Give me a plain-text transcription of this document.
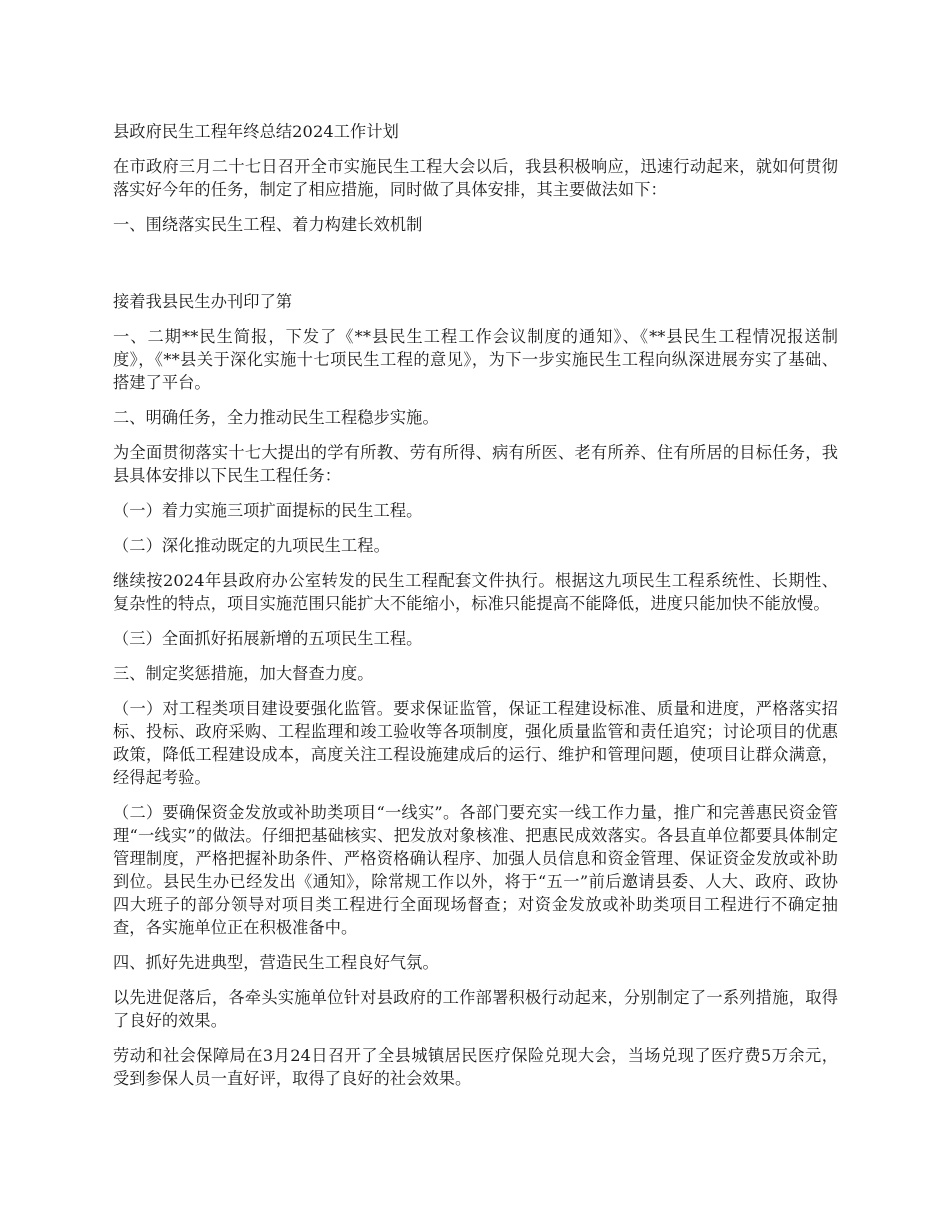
县政府民生工程年终总结2024工作计划

在市政府三月二十七日召开全市实施民生工程大会以后，我县积极响应，迅速行动起来，就如何贯彻落实好今年的任务，制定了相应措施，同时做了具体安排，其主要做法如下：

一、围绕落实民生工程、着力构建长效机制

接着我县民生办刊印了第

一、二期**民生简报，下发了《**县民生工程工作会议制度的通知》、《**县民生工程情况报送制度》，《**县关于深化实施十七项民生工程的意见》，为下一步实施民生工程向纵深进展夯实了基础、搭建了平台。

二、明确任务，全力推动民生工程稳步实施。

为全面贯彻落实十七大提出的学有所教、劳有所得、病有所医、老有所养、住有所居的目标任务，我县具体安排以下民生工程任务：

（一）着力实施三项扩面提标的民生工程。

（二）深化推动既定的九项民生工程。

继续按2024年县政府办公室转发的民生工程配套文件执行。根据这九项民生工程系统性、长期性、复杂性的特点，项目实施范围只能扩大不能缩小，标准只能提高不能降低，进度只能加快不能放慢。

（三）全面抓好拓展新增的五项民生工程。

三、制定奖惩措施，加大督查力度。

（一）对工程类项目建设要强化监管。要求保证监管，保证工程建设标准、质量和进度，严格落实招标、投标、政府采购、工程监理和竣工验收等各项制度，强化质量监管和责任追究；讨论项目的优惠政策，降低工程建设成本，高度关注工程设施建成后的运行、维护和管理问题，使项目让群众满意，经得起考验。

（二）要确保资金发放或补助类项目“一线实”。各部门要充实一线工作力量，推广和完善惠民资金管理“一线实”的做法。仔细把基础核实、把发放对象核准、把惠民成效落实。各县直单位都要具体制定管理制度，严格把握补助条件、严格资格确认程序、加强人员信息和资金管理、保证资金发放或补助到位。县民生办已经发出《通知》，除常规工作以外，将于“五一”前后邀请县委、人大、政府、政协四大班子的部分领导对项目类工程进行全面现场督查；对资金发放或补助类项目工程进行不确定抽查，各实施单位正在积极准备中。

四、抓好先进典型，营造民生工程良好气氛。

以先进促落后，各牵头实施单位针对县政府的工作部署积极行动起来，分别制定了一系列措施，取得了良好的效果。

劳动和社会保障局在3月24日召开了全县城镇居民医疗保险兑现大会，当场兑现了医疗费5万余元，受到参保人员一直好评，取得了良好的社会效果。
